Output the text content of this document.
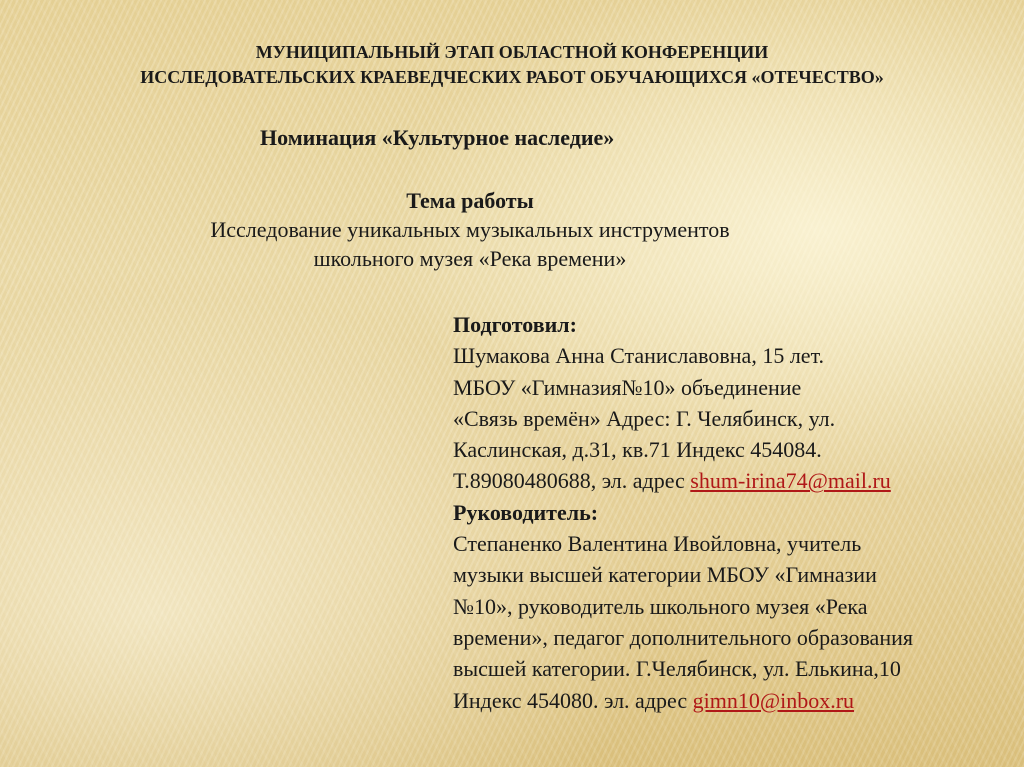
МУНИЦИПАЛЬНЫЙ ЭТАП ОБЛАСТНОЙ КОНФЕРЕНЦИИ
ИССЛЕДОВАТЕЛЬСКИХ КРАЕВЕДЧЕСКИХ РАБОТ ОБУЧАЮЩИХСЯ «ОТЕЧЕСТВО»
Номинация «Культурное наследие»
Тема работы
Исследование уникальных музыкальных инструментов
школьного музея «Река времени»
Подготовил:
Шумакова Анна Станиславовна, 15 лет.
МБОУ «Гимназия№10» объединение
«Связь времён» Адрес: Г. Челябинск, ул.
Каслинская, д.31, кв.71 Индекс 454084.
Т.89080480688, эл. адрес shum-irina74@mail.ru
Руководитель:
Степаненко Валентина Ивойловна, учитель
музыки высшей категории МБОУ «Гимназии
№10», руководитель школьного музея «Река
времени», педагог дополнительного образования
высшей категории. Г.Челябинск, ул. Елькина,10
Индекс 454080. эл. адрес gimn10@inbox.ru
